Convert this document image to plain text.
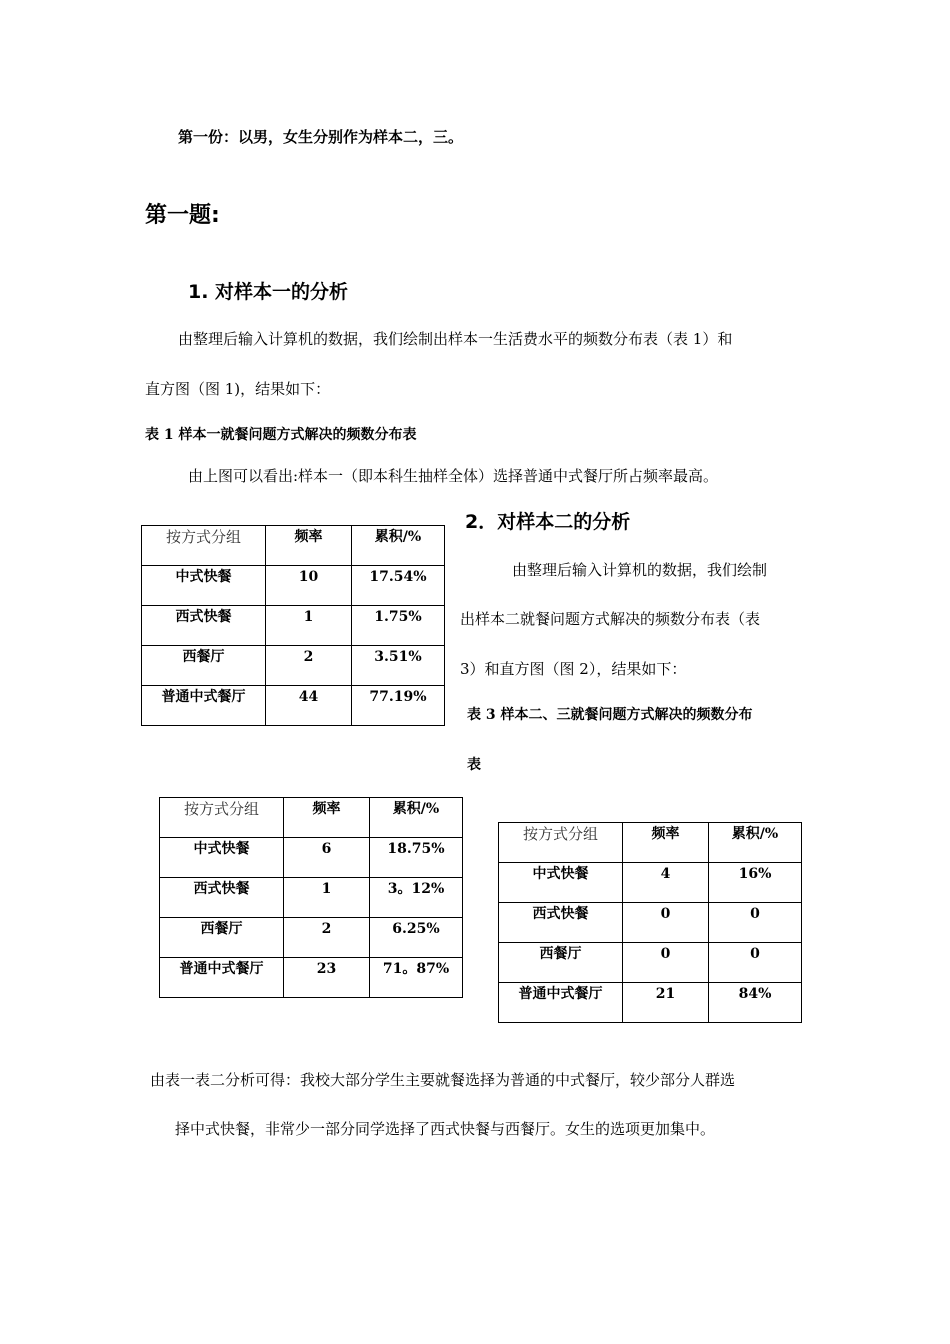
第一份：以男，女生分别作为样本二，三。
第一题:
1. 对样本一的分析
由整理后输入计算机的数据，我们绘制出样本一生活费水平的频数分布表（表 1）和
直方图（图 1)，结果如下：
表 1 样本一就餐问题方式解决的频数分布表
由上图可以看出:样本一（即本科生抽样全体）选择普通中式餐厅所占频率最高。
按方式分组	频率	累积/%
中式快餐	10	17.54%
西式快餐	1	1.75%
西餐厅	2	3.51%
普通中式餐厅	44	77.19%
2．对样本二的分析
由整理后输入计算机的数据，我们绘制
出样本二就餐问题方式解决的频数分布表（表
3）和直方图（图 2），结果如下：
表 3 样本二、三就餐问题方式解决的频数分布
表
按方式分组	频率	累积/%
中式快餐	6	18.75%
西式快餐	1	3。12%
西餐厅	2	6.25%
普通中式餐厅	23	71。87%
按方式分组	频率	累积/%
中式快餐	4	16%
西式快餐	0	0
西餐厅	0	0
普通中式餐厅	21	84%
由表一表二分析可得：我校大部分学生主要就餐选择为普通的中式餐厅，较少部分人群选
择中式快餐，非常少一部分同学选择了西式快餐与西餐厅。女生的选项更加集中。
